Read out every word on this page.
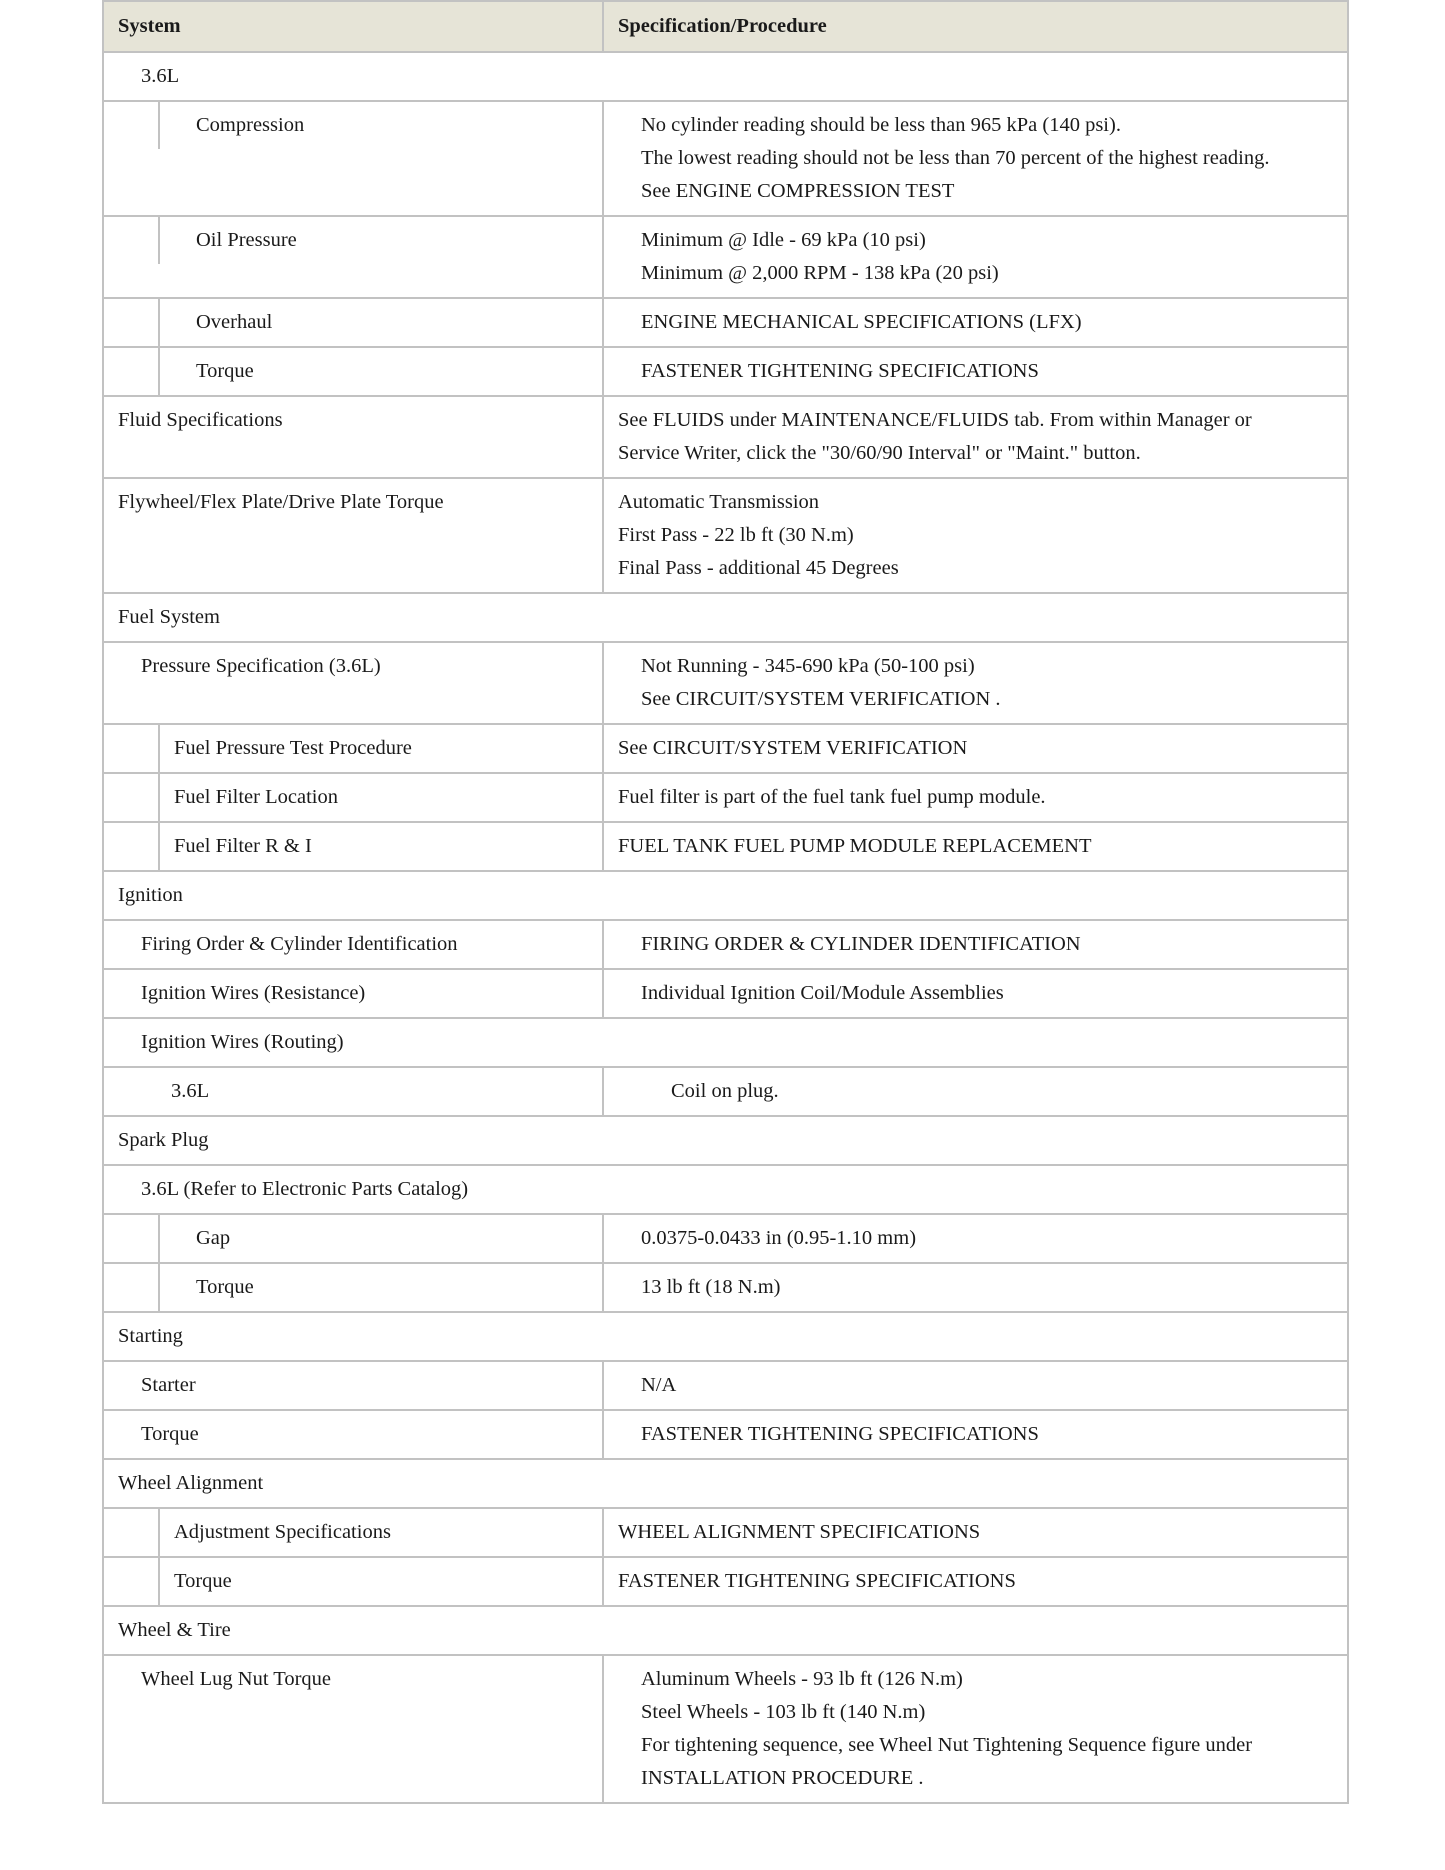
System	Specification/Procedure
3.6L

	Compression
		No cylinder reading should be less than 965 kPa (140 psi).
The lowest reading should not be less than 70 percent of the highest reading.
See ENGINE COMPRESSION TEST

	Oil Pressure
		Minimum @ Idle - 69 kPa (10 psi)
Minimum @ 2,000 RPM - 138 kPa (20 psi)

	Overhaul
		ENGINE MECHANICAL SPECIFICATIONS (LFX)

	Torque
		FASTENER TIGHTENING SPECIFICATIONS
Fluid Specifications	See FLUIDS under MAINTENANCE/FLUIDS tab. From within Manager or
Service Writer, click the "30/60/90 Interval" or "Maint." button.

Flywheel/Flex Plate/Drive Plate Torque	Automatic Transmission
First Pass - 22 lb ft (30 N.m)
Final Pass - additional 45 Degrees

Fuel System
Pressure Specification (3.6L)	Not Running - 345-690 kPa (50-100 psi)
See CIRCUIT/SYSTEM VERIFICATION .

	Fuel Pressure Test Procedure
		See CIRCUIT/SYSTEM VERIFICATION

	Fuel Filter Location
		Fuel filter is part of the fuel tank fuel pump module.

	Fuel Filter R & I
		FUEL TANK FUEL PUMP MODULE REPLACEMENT
Ignition
Firing Order & Cylinder Identification	FIRING ORDER & CYLINDER IDENTIFICATION
Ignition Wires (Resistance)	Individual Ignition Coil/Module Assemblies
Ignition Wires (Routing)
3.6L	Coil on plug.
Spark Plug
3.6L (Refer to Electronic Parts Catalog)

	Gap
		0.0375-0.0433 in (0.95-1.10 mm)

	Torque
		13 lb ft (18 N.m)
Starting
Starter	N/A
Torque	FASTENER TIGHTENING SPECIFICATIONS
Wheel Alignment

	Adjustment Specifications
		WHEEL ALIGNMENT SPECIFICATIONS

	Torque
		FASTENER TIGHTENING SPECIFICATIONS
Wheel & Tire
Wheel Lug Nut Torque	Aluminum Wheels - 93 lb ft (126 N.m)
Steel Wheels - 103 lb ft (140 N.m)
For tightening sequence, see Wheel Nut Tightening Sequence figure under
INSTALLATION PROCEDURE .
